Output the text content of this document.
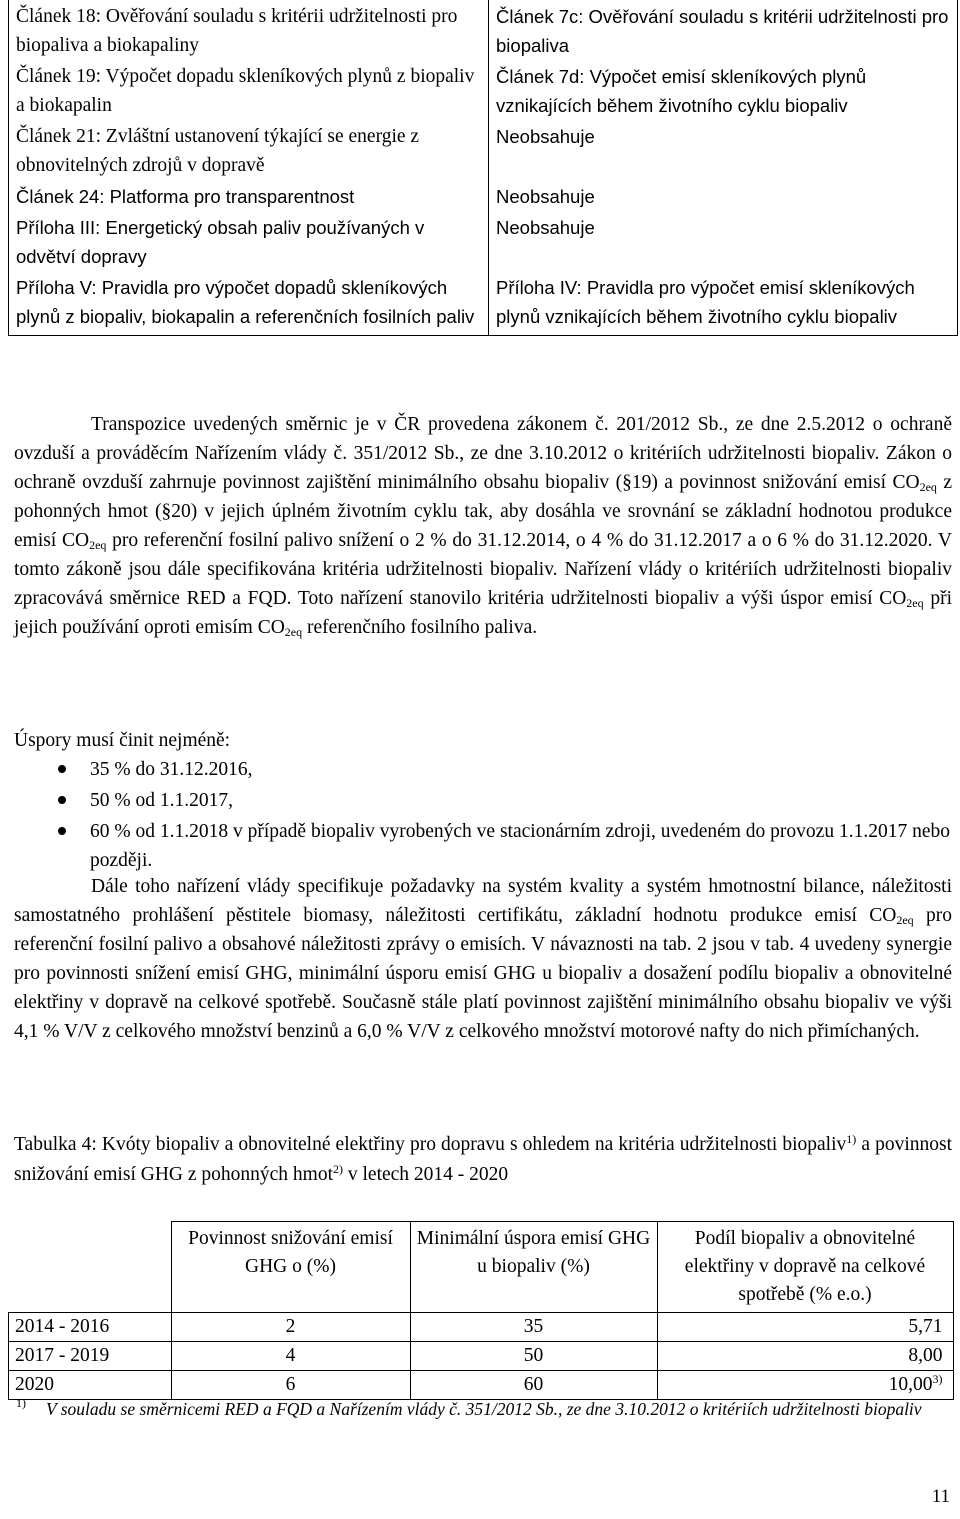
Článek 18: Ověřování souladu s kritérii udržitelnosti pro biopaliva a biokapaliny	Článek 7c: Ověřování souladu s kritérii udržitelnosti pro biopaliva
Článek 19: Výpočet dopadu skleníkových plynů z biopaliv a biokapalin	Článek 7d: Výpočet emisí skleníkových plynů vznikajících během životního cyklu biopaliv
Článek 21: Zvláštní ustanovení týkající se energie z obnovitelných zdrojů v dopravě	Neobsahuje
Článek 24: Platforma pro transparentnost	Neobsahuje
Příloha III: Energetický obsah paliv používaných v odvětví dopravy	Neobsahuje
Příloha V: Pravidla pro výpočet dopadů skleníkových plynů z biopaliv, biokapalin a referenčních fosilních paliv	Příloha IV: Pravidla pro výpočet emisí skleníkových plynů vznikajících během životního cyklu biopaliv
Transpozice uvedených směrnic je v ČR provedena zákonem č. 201/2012 Sb., ze dne 2.5.2012 o ochraně ovzduší a prováděcím Nařízením vlády č. 351/2012 Sb., ze dne 3.10.2012 o kritériích udržitelnosti biopaliv. Zákon o ochraně ovzduší zahrnuje povinnost zajištění minimálního obsahu biopaliv (§19) a povinnost snižování emisí $CO_{2eq}$ z pohonných hmot (§20) v jejich úplném životním cyklu tak, aby dosáhla ve srovnání se základní hodnotou produkce emisí $CO_{2eq}$ pro referenční fosilní palivo snížení o 2 % do 31.12.2014, o 4 % do 31.12.2017 a o 6 % do 31.12.2020. V tomto zákoně jsou dále specifikována kritéria udržitelnosti biopaliv. Nařízení vlády o kritériích udržitelnosti biopaliv zpracovává směrnice RED a FQD. Toto nařízení stanovilo kritéria udržitelnosti biopaliv a výši úspor emisí $CO_{2eq}$ při jejich používání oproti emisím $CO_{2eq}$ referenčního fosilního paliva.
Úspory musí činit nejméně:
35 % do 31.12.2016,
50 % od 1.1.2017,
60 % od 1.1.2018 v případě biopaliv vyrobených ve stacionárním zdroji, uvedeném do provozu 1.1.2017 nebo později.
Dále toho nařízení vlády specifikuje požadavky na systém kvality a systém hmotnostní bilance, náležitosti samostatného prohlášení pěstitele biomasy, náležitosti certifikátu, základní hodnotu produkce emisí $CO_{2eq}$ pro referenční fosilní palivo a obsahové náležitosti zprávy o emisích. V návaznosti na tab. 2 jsou v tab. 4 uvedeny synergie pro povinnosti snížení emisí GHG, minimální úsporu emisí GHG u biopaliv a dosažení podílu biopaliv a obnovitelné elektřiny v dopravě na celkové spotřebě. Současně stále platí povinnost zajištění minimálního obsahu biopaliv ve výši 4,1 % V/V z celkového množství benzinů a 6,0 % V/V z celkového množství motorové nafty do nich přimíchaných.
Tabulka 4: Kvóty biopaliv a obnovitelné elektřiny pro dopravu s ohledem na kritéria udržitelnosti biopaliv$^{1)}$ a povinnost snižování emisí GHG z pohonných hmot$^{2)}$ v letech 2014 - 2020
	Povinnost snižování emisí GHG o (%)	Minimální úspora emisí GHG u biopaliv (%)	Podíl biopaliv a obnovitelné elektřiny v dopravě na celkové spotřebě (% e.o.)
2014 - 2016	2	35	5,71
2017 - 2019	4	50	8,00
2020	6	60	10,00$^{3)}$
1)	V souladu se směrnicemi RED a FQD a Nařízením vlády č. 351/2012 Sb., ze dne 3.10.2012 o kritériích udržitelnosti biopaliv
11
